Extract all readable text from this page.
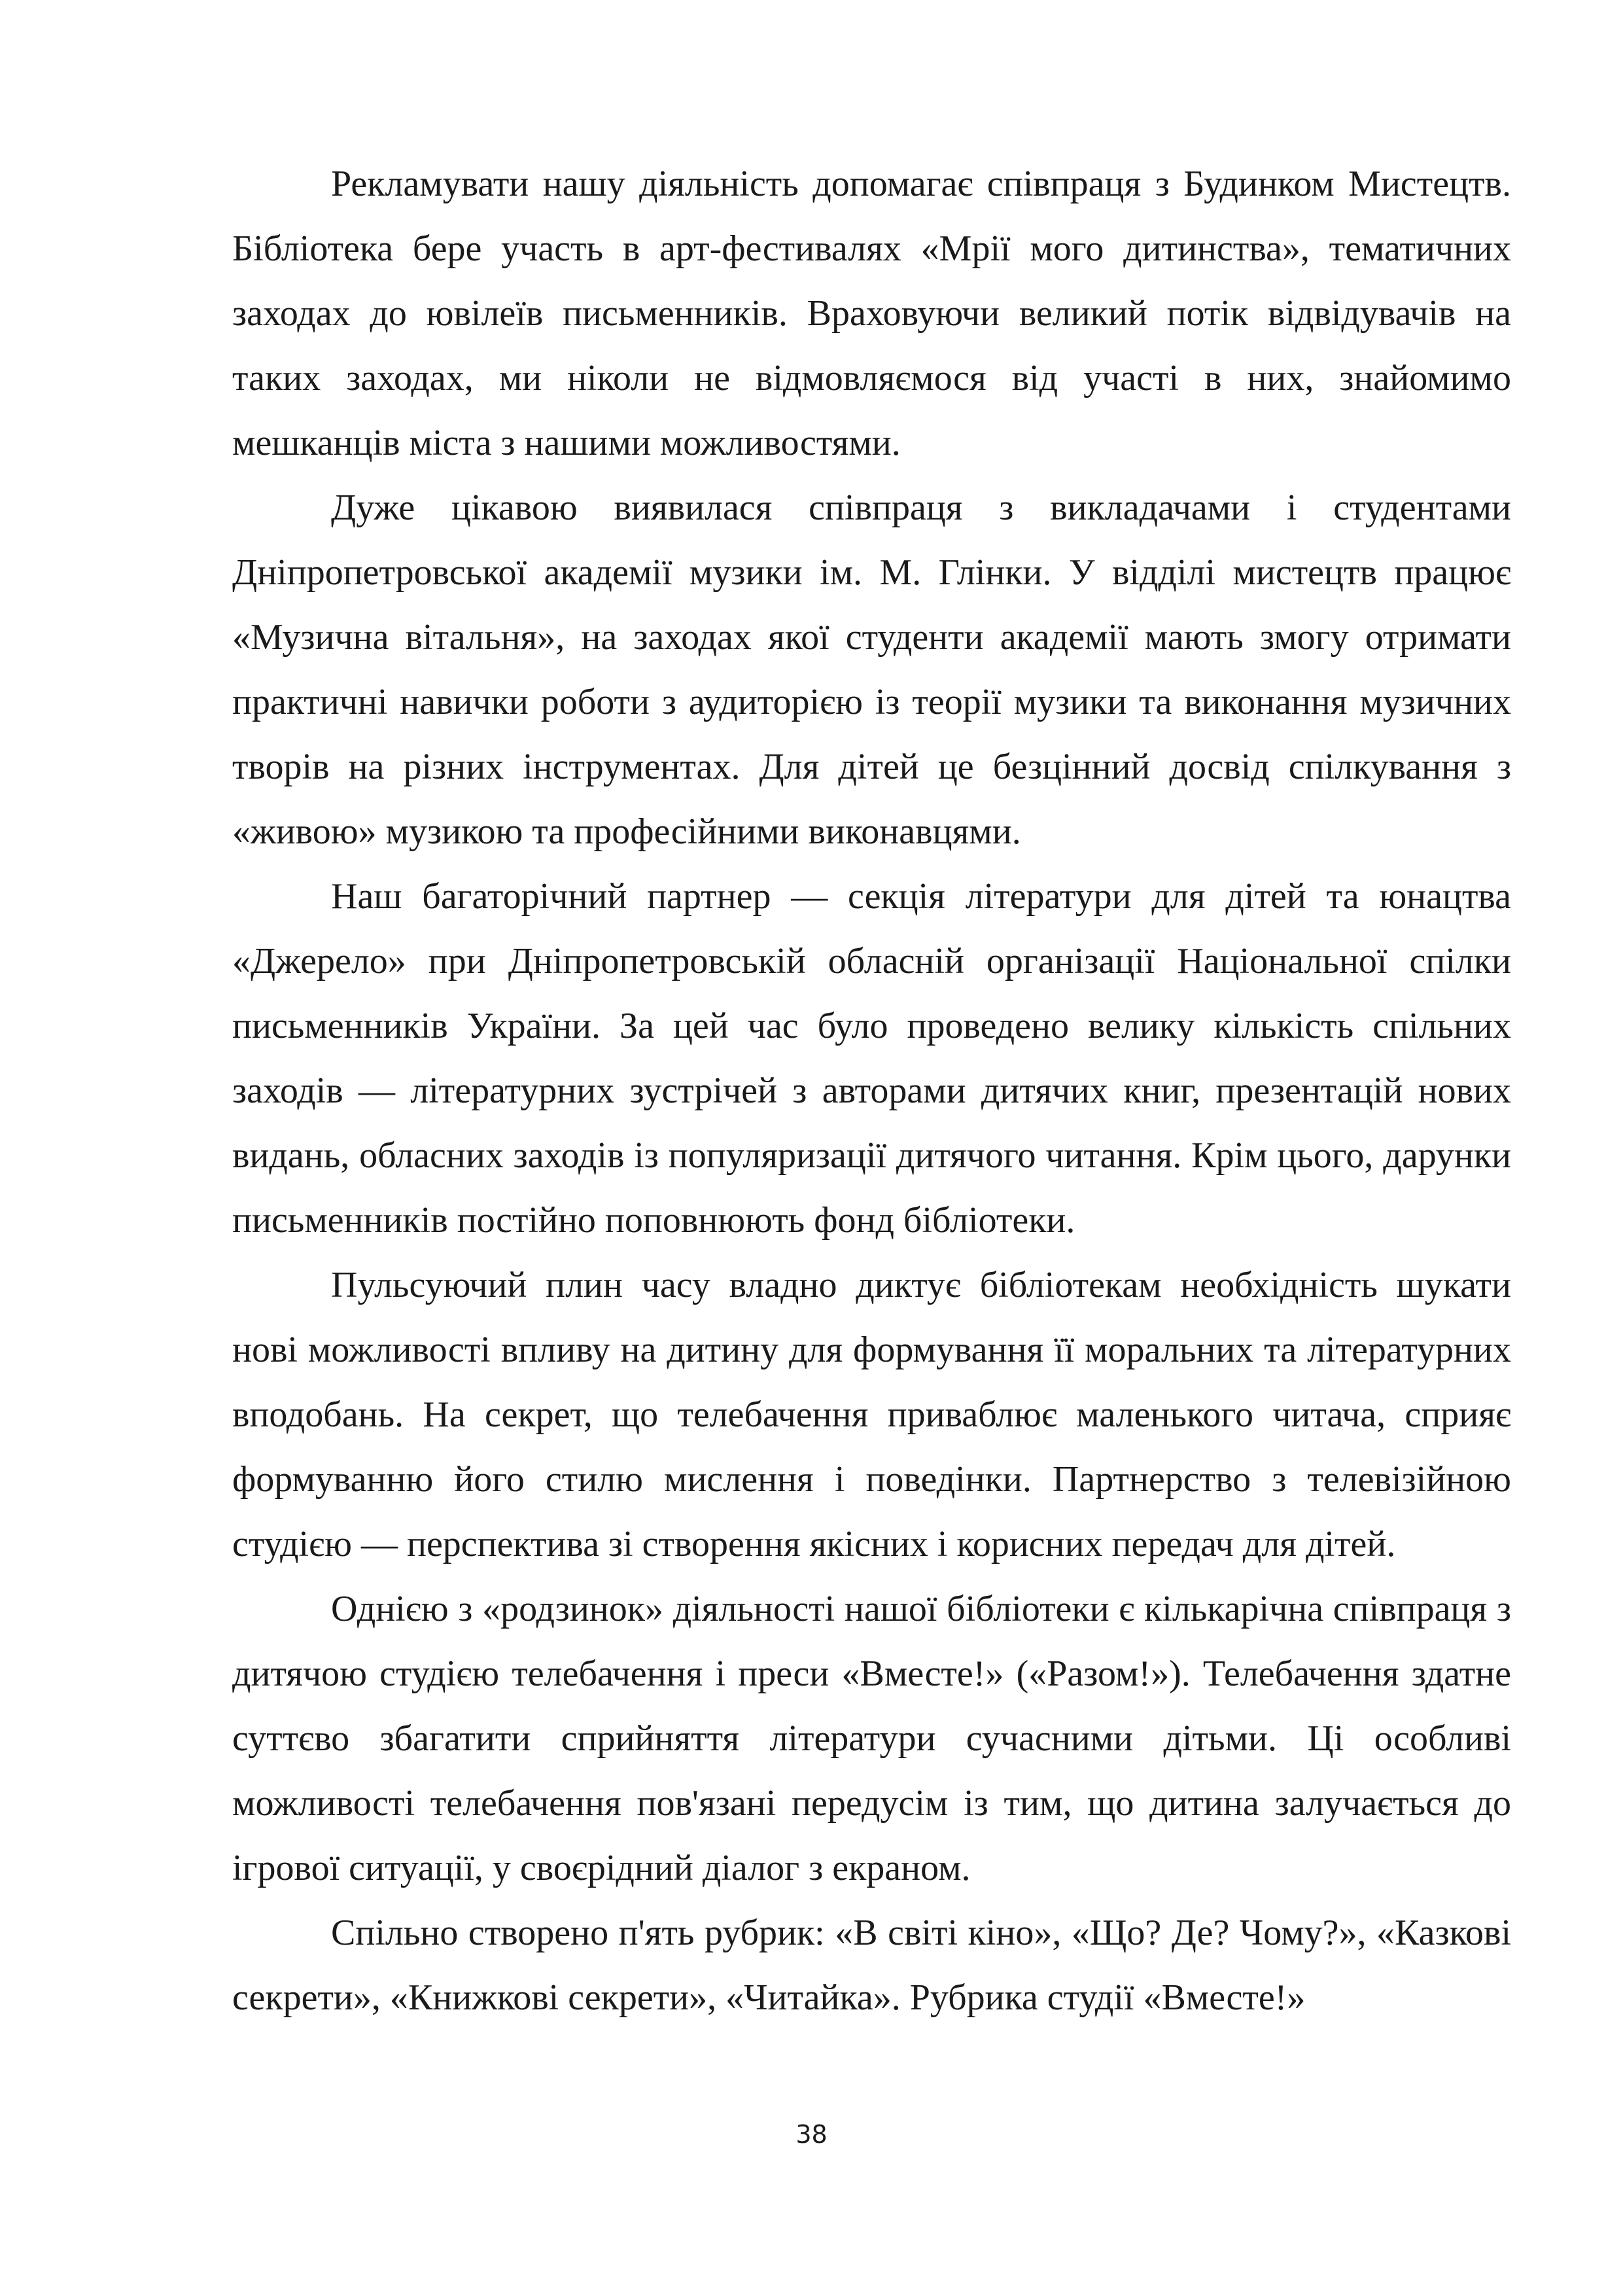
Рекламувати нашу діяльність допомагає співпраця з Будинком Мистецтв. Бібліотека бере участь в арт-фестивалях «Мрії мого дитинства», тематичних заходах до ювілеїв письменників. Враховуючи великий потік відвідувачів на таких заходах, ми ніколи не відмовляємося від участі в них, знайомимо мешканців міста з нашими можливостями.

Дуже цікавою виявилася співпраця з викладачами і студентами Дніпропетровської академії музики ім. М. Глінки. У відділі мистецтв працює «Музична вітальня», на заходах якої студенти академії мають змогу отримати практичні навички роботи з аудиторією із теорії музики та виконання музичних творів на різних інструментах. Для дітей це безцінний досвід спілкування з «живою» музикою та професійними виконавцями.

Наш багаторічний партнер — секція літератури для дітей та юнацтва «Джерело» при Дніпропетровській обласній організації Національної спілки письменників України. За цей час було проведено велику кількість спільних заходів — літературних зустрічей з авторами дитячих книг, презентацій нових видань, обласних заходів із популяризації дитячого читання. Крім цього, дарунки письменників постійно поповнюють фонд бібліотеки.

Пульсуючий плин часу владно диктує бібліотекам необхідність шукати нові можливості впливу на дитину для формування її моральних та літературних вподобань. На секрет, що телебачення приваблює маленького читача, сприяє формуванню його стилю мислення і поведінки. Партнерство з телевізійною студією — перспектива зі створення якісних і корисних передач для дітей.

Однією з «родзинок» діяльності нашої бібліотеки є кількарічна співпраця з дитячою студією телебачення і преси «Вместе!» («Разом!»). Телебачення здатне суттєво збагатити сприйняття літератури сучасними дітьми. Ці особливі можливості телебачення пов'язані передусім із тим, що дитина залучається до ігрової ситуації, у своєрідний діалог з екраном.

Спільно створено п'ять рубрик: «В світі кіно», «Що? Де? Чому?», «Казкові секрети», «Книжкові секрети», «Читайка». Рубрика студії «Вместе!»

38
